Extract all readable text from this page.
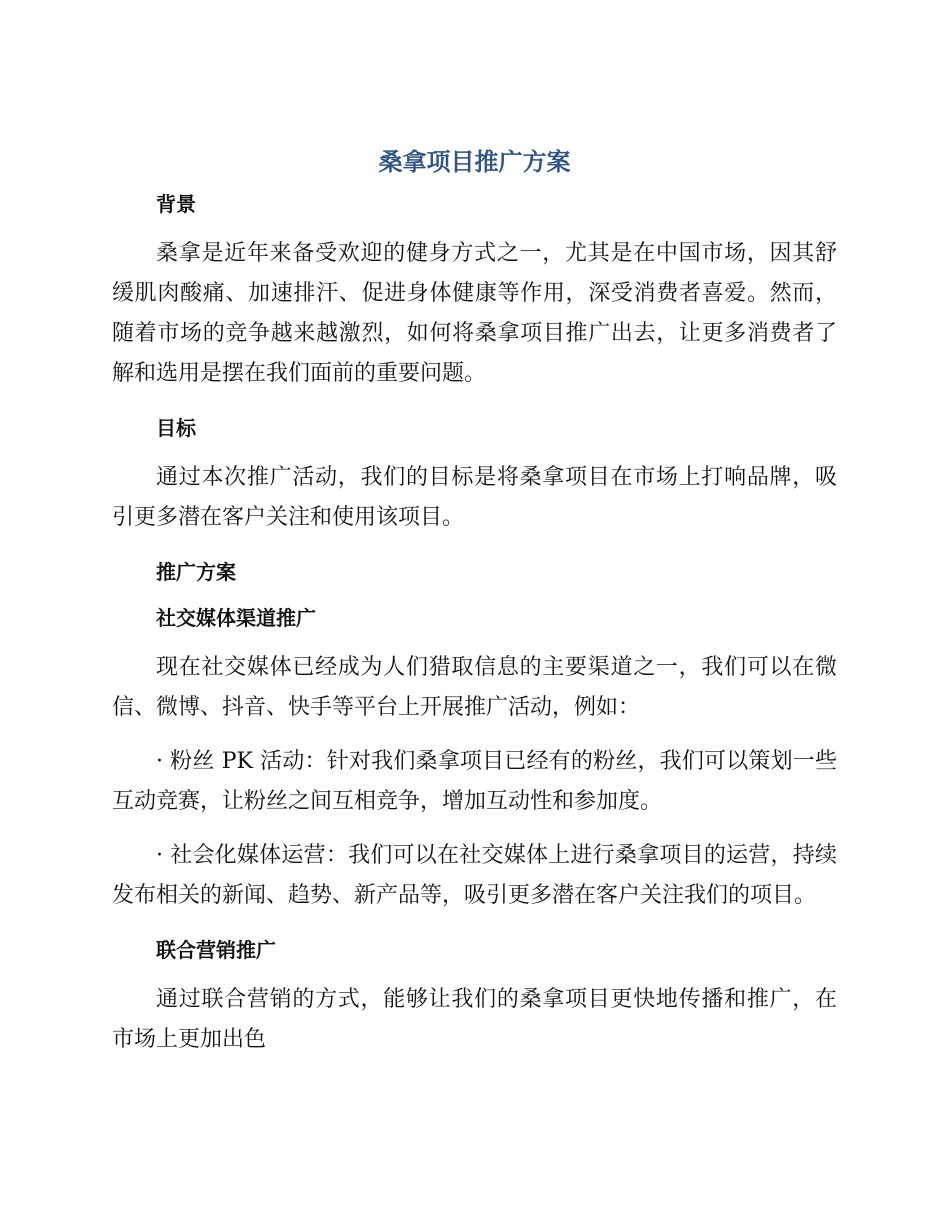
桑拿项目推广方案
背景

桑拿是近年来备受欢迎的健身方式之一，尤其是在中国市场，因其舒缓肌肉酸痛、加速排汗、促进身体健康等作用，深受消费者喜爱。然而，随着市场的竞争越来越激烈，如何将桑拿项目推广出去，让更多消费者了解和选用是摆在我们面前的重要问题。

目标

通过本次推广活动，我们的目标是将桑拿项目在市场上打响品牌，吸引更多潜在客户关注和使用该项目。

推广方案
社交媒体渠道推广

现在社交媒体已经成为人们猎取信息的主要渠道之一，我们可以在微信、微博、抖音、快手等平台上开展推广活动，例如：

· 粉丝 PK 活动：针对我们桑拿项目已经有的粉丝，我们可以策划一些互动竞赛，让粉丝之间互相竞争，增加互动性和参加度。

· 社会化媒体运营：我们可以在社交媒体上进行桑拿项目的运营，持续发布相关的新闻、趋势、新产品等，吸引更多潜在客户关注我们的项目。

联合营销推广

通过联合营销的方式，能够让我们的桑拿项目更快地传播和推广，在市场上更加出色
